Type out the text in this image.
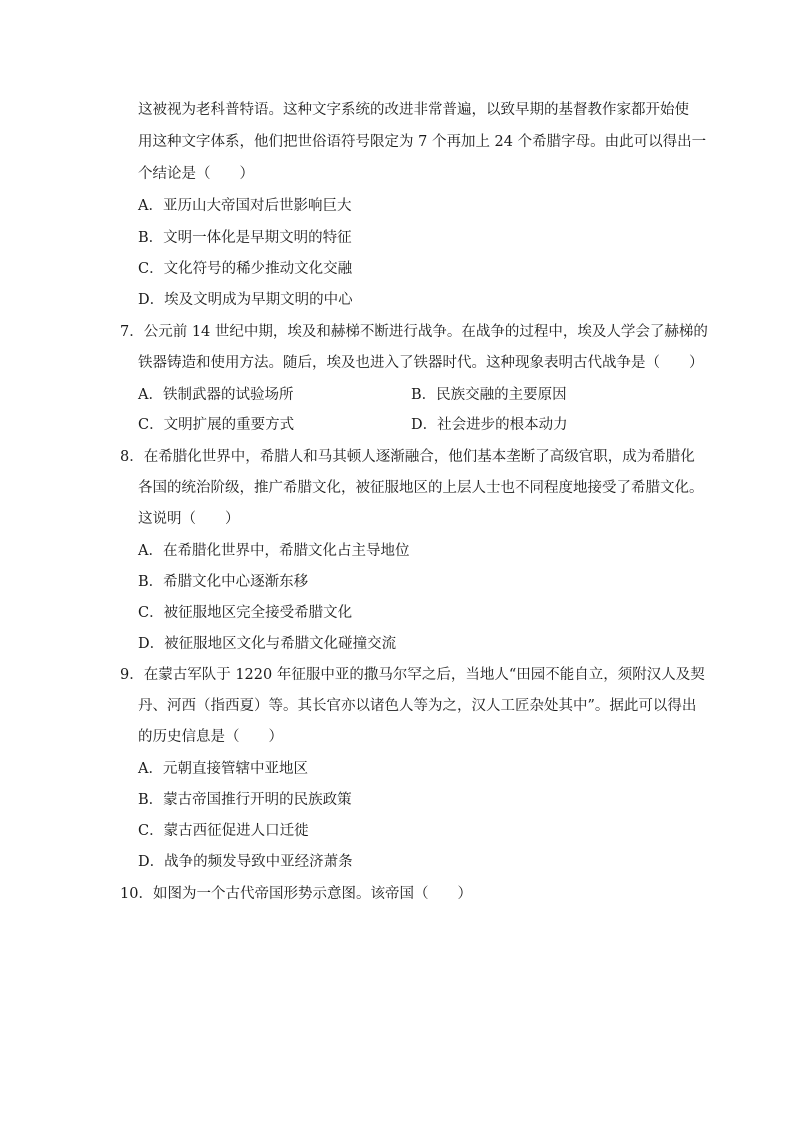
这被视为老科普特语。这种文字系统的改进非常普遍，以致早期的基督教作家都开始使
用这种文字体系，他们把世俗语符号限定为 7 个再加上 24 个希腊字母。由此可以得出一
个结论是（　　）
A．亚历山大帝国对后世影响巨大
B．文明一体化是早期文明的特征
C．文化符号的稀少推动文化交融
D．埃及文明成为早期文明的中心
7．公元前 14 世纪中期，埃及和赫梯不断进行战争。在战争的过程中，埃及人学会了赫梯的
铁器铸造和使用方法。随后，埃及也进入了铁器时代。这种现象表明古代战争是（　　）
A．铁制武器的试验场所	B．民族交融的主要原因
C．文明扩展的重要方式	D．社会进步的根本动力
8．在希腊化世界中，希腊人和马其顿人逐渐融合，他们基本垄断了高级官职，成为希腊化
各国的统治阶级，推广希腊文化，被征服地区的上层人士也不同程度地接受了希腊文化。
这说明（　　）
A．在希腊化世界中，希腊文化占主导地位
B．希腊文化中心逐渐东移
C．被征服地区完全接受希腊文化
D．被征服地区文化与希腊文化碰撞交流
9．在蒙古军队于 1220 年征服中亚的撒马尔罕之后，当地人“田园不能自立，须附汉人及契
丹、河西（指西夏）等。其长官亦以诸色人等为之，汉人工匠杂处其中”。据此可以得出
的历史信息是（　　）
A．元朝直接管辖中亚地区
B．蒙古帝国推行开明的民族政策
C．蒙古西征促进人口迁徙
D．战争的频发导致中亚经济萧条
10．如图为一个古代帝国形势示意图。该帝国（　　）
